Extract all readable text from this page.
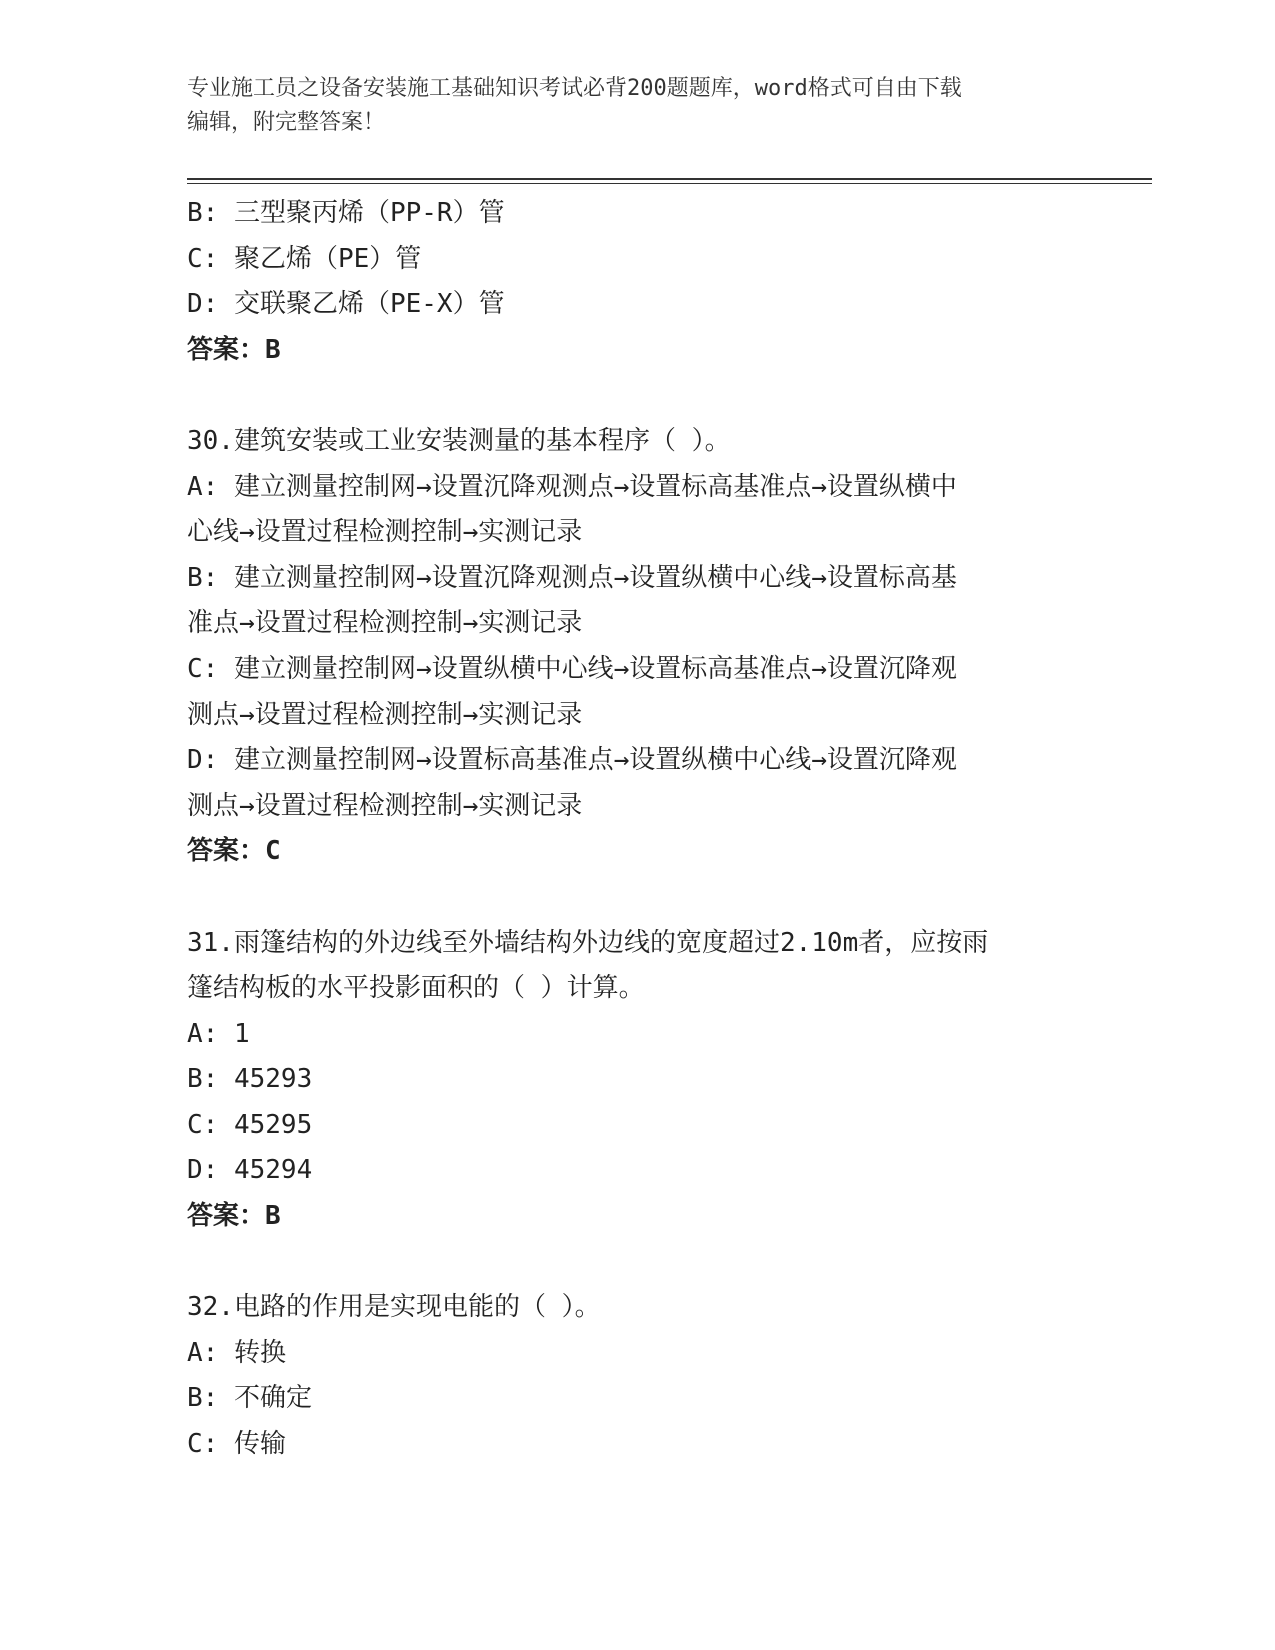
专业施工员之设备安装施工基础知识考试必背200题题库，word格式可自由下载
编辑，附完整答案！
B: 三型聚丙烯（PP-R）管
C: 聚乙烯（PE）管
D: 交联聚乙烯（PE-X）管
答案：B
30.建筑安装或工业安装测量的基本程序（ ）。
A: 建立测量控制网→设置沉降观测点→设置标高基准点→设置纵横中
心线→设置过程检测控制→实测记录
B: 建立测量控制网→设置沉降观测点→设置纵横中心线→设置标高基
准点→设置过程检测控制→实测记录
C: 建立测量控制网→设置纵横中心线→设置标高基准点→设置沉降观
测点→设置过程检测控制→实测记录
D: 建立测量控制网→设置标高基准点→设置纵横中心线→设置沉降观
测点→设置过程检测控制→实测记录
答案：C
31.雨篷结构的外边线至外墙结构外边线的宽度超过2.10m者，应按雨
篷结构板的水平投影面积的（ ）计算。
A: 1
B: 45293
C: 45295
D: 45294
答案：B
32.电路的作用是实现电能的（ ）。
A: 转换
B: 不确定
C: 传输
